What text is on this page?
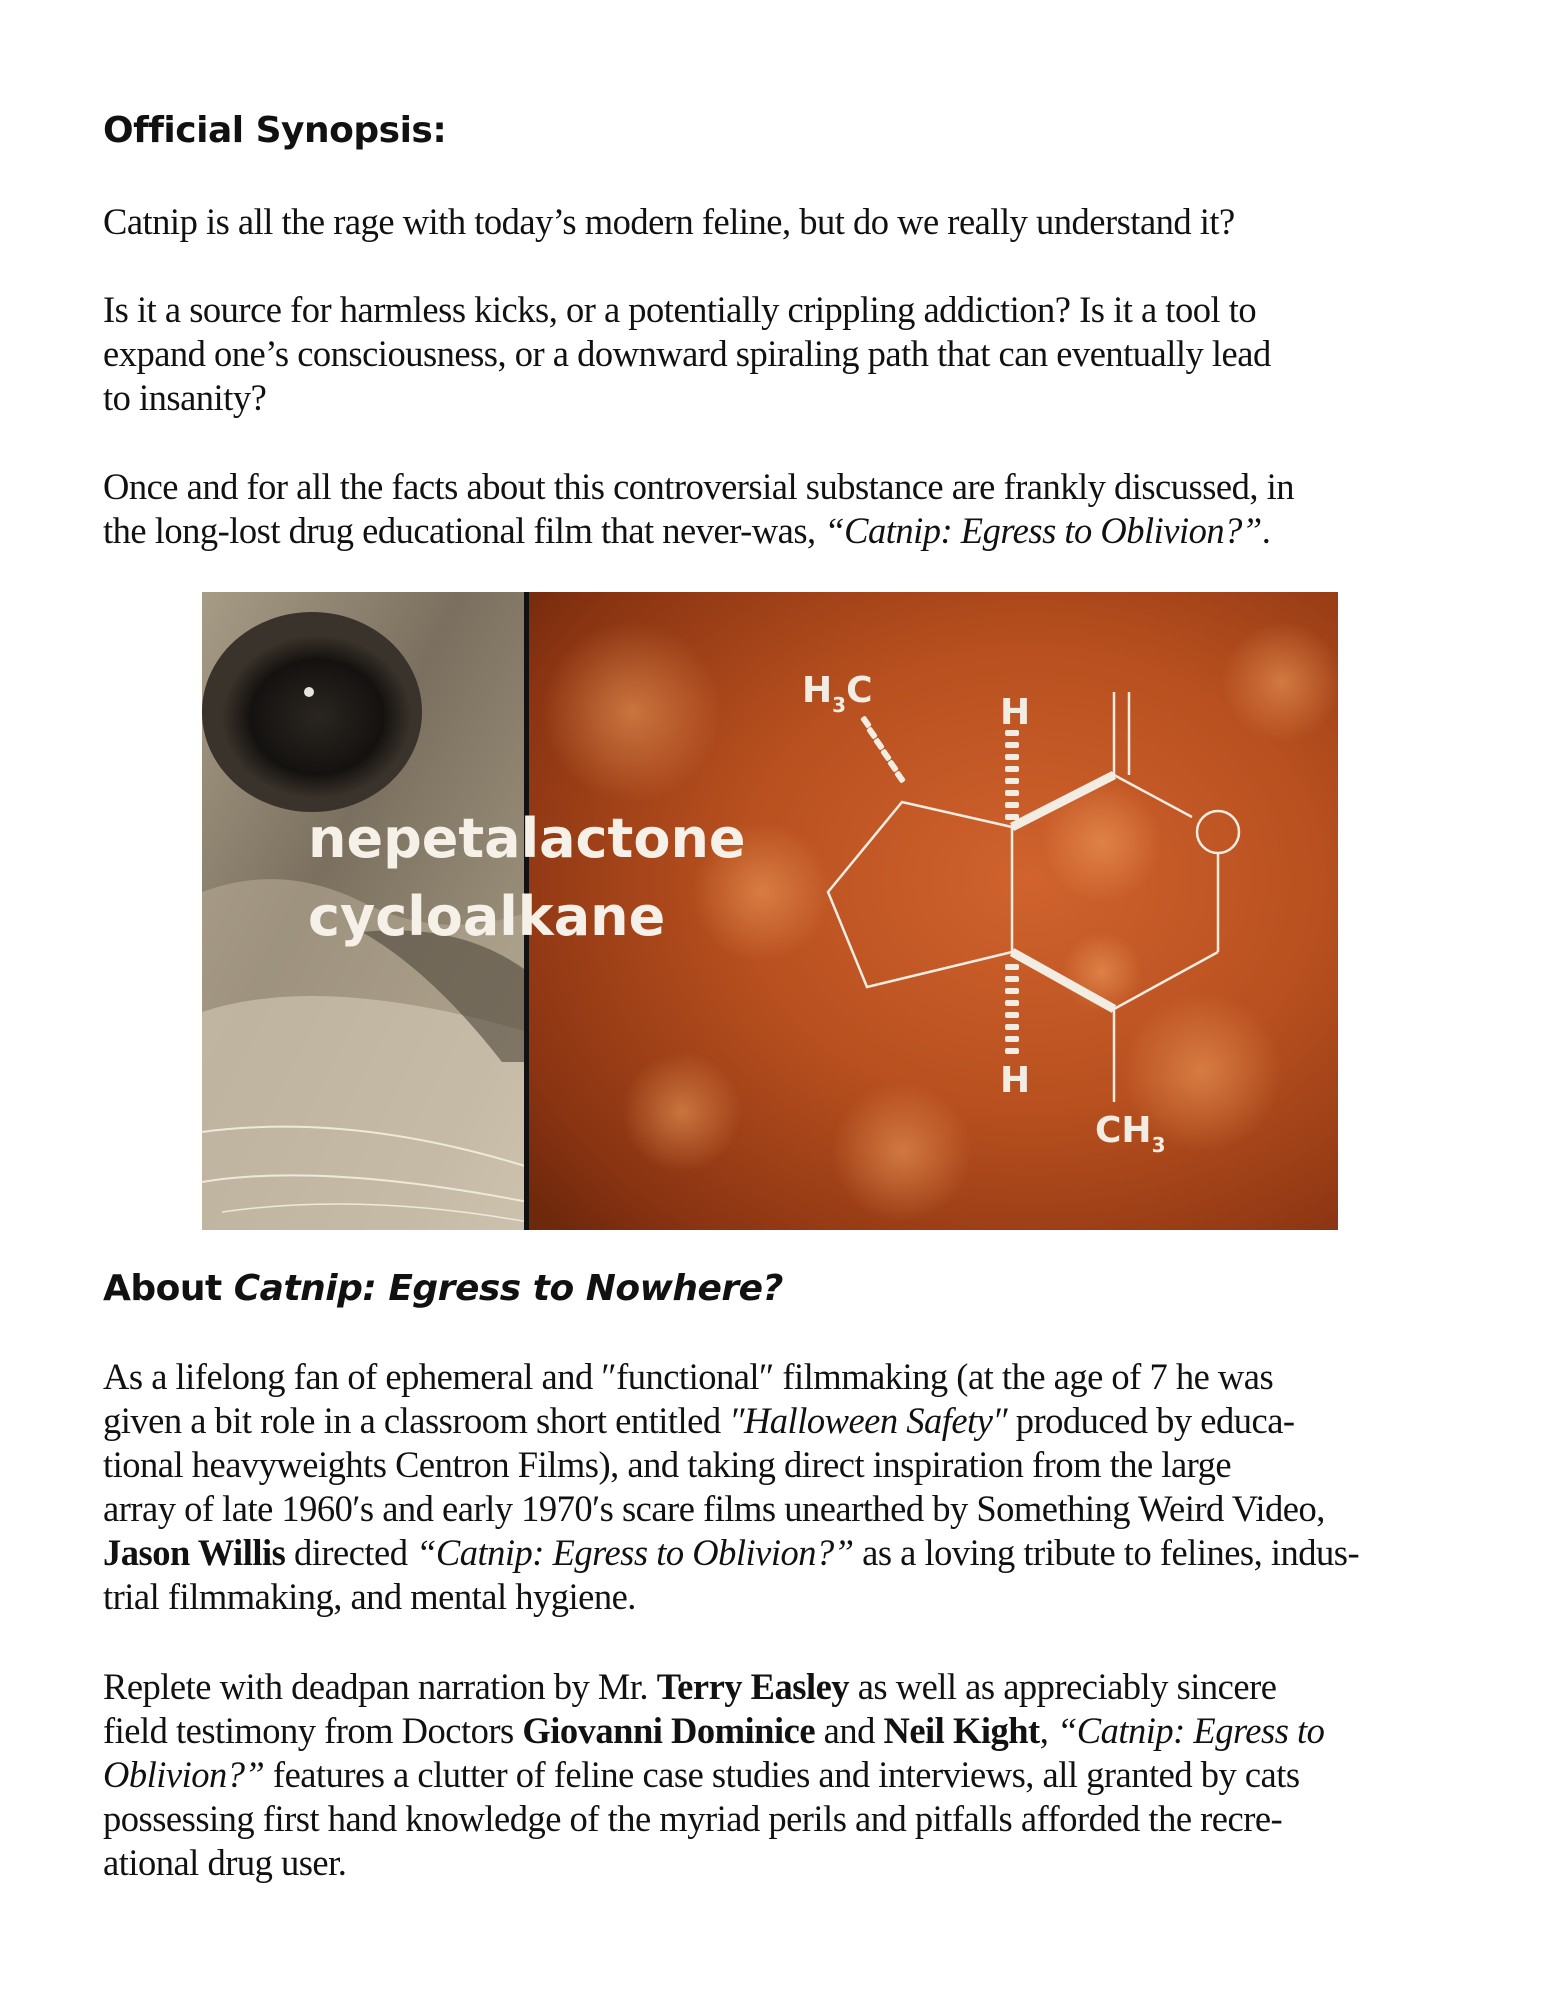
Official Synopsis:
Catnip is all the rage with today’s modern feline, but do we really understand it?
Is it a source for harmless kicks, or a potentially crippling addiction? Is it a tool to
expand one’s consciousness, or a downward spiraling path that can eventually lead
to insanity?
Once and for all the facts about this controversial substance are frankly discussed, in
the long-lost drug educational film that never-was, “Catnip: Egress to Oblivion?”.
$H_3C$
H
H
$CH_3$
nepetalactone
cycloalkane
About Catnip: Egress to Nowhere?
As a lifelong fan of ephemeral and ″functional″ filmmaking (at the age of 7 he was
given a bit role in a classroom short entitled ″Halloween Safety″ produced by educa-
tional heavyweights Centron Films), and taking direct inspiration from the large
array of late 1960′s and early 1970′s scare films unearthed by Something Weird Video,
Jason Willis directed “Catnip: Egress to Oblivion?” as a loving tribute to felines, indus-
trial filmmaking, and mental hygiene.
Replete with deadpan narration by Mr. Terry Easley as well as appreciably sincere
field testimony from Doctors Giovanni Dominice and Neil Kight, “Catnip: Egress to
Oblivion?” features a clutter of feline case studies and interviews, all granted by cats
possessing first hand knowledge of the myriad perils and pitfalls afforded the recre-
ational drug user.
